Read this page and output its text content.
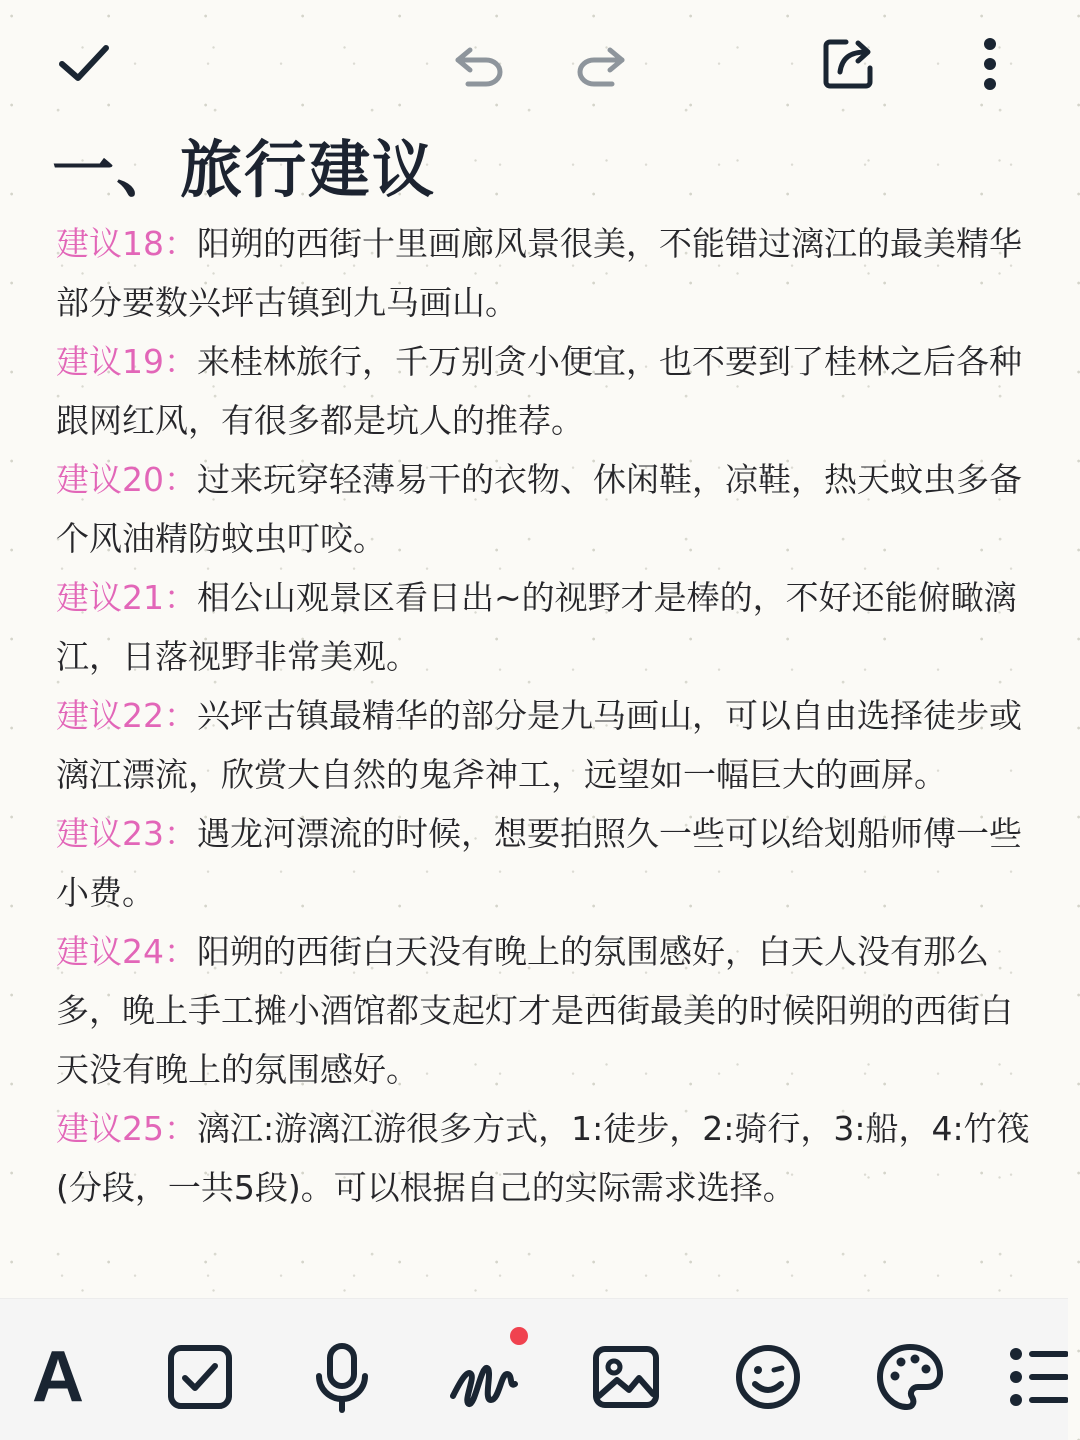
一、旅行建议

建议18：阳朔的西街十里画廊风景很美，不能错过漓江的最美精华部分要数兴坪古镇到九马画山。

建议19：来桂林旅行，千万别贪小便宜，也不要到了桂林之后各种跟网红风，有很多都是坑人的推荐。

建议20：过来玩穿轻薄易干的衣物、休闲鞋，凉鞋，热天蚊虫多备个风油精防蚊虫叮咬。

建议21：相公山观景区看日出~的视野才是棒的，不好还能俯瞰漓江，日落视野非常美观。

建议22：兴坪古镇最精华的部分是九马画山，可以自由选择徒步或漓江漂流，欣赏大自然的鬼斧神工，远望如一幅巨大的画屏。

建议23：遇龙河漂流的时候，想要拍照久一些可以给划船师傅一些小费。

建议24：阳朔的西街白天没有晚上的氛围感好，白天人没有那么多，晚上手工摊小酒馆都支起灯才是西街最美的时候阳朔的西街白天没有晚上的氛围感好。

建议25：漓江:游漓江游很多方式，1:徒步，2:骑行，3:船，4:竹筏(分段，一共5段)。可以根据自己的实际需求选择。

A
